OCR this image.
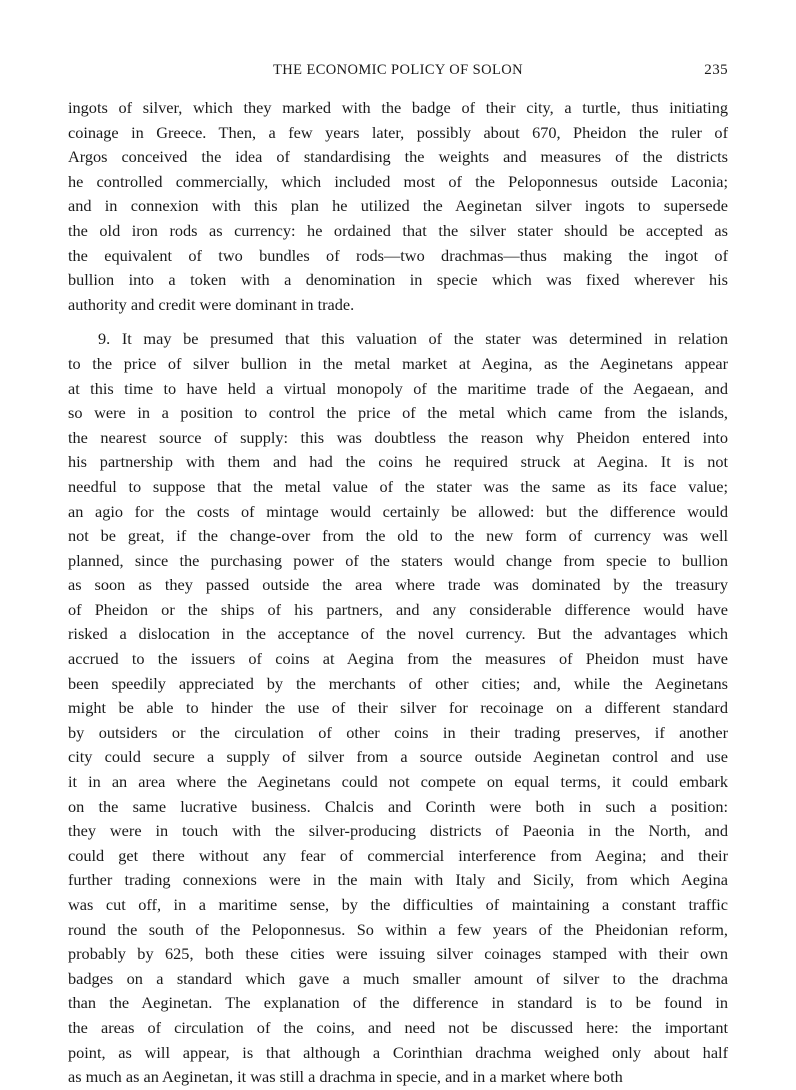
THE ECONOMIC POLICY OF SOLON	235
ingots of silver, which they marked with the badge of their city, a turtle, thus initiating
coinage in Greece. Then, a few years later, possibly about 670, Pheidon the ruler of
Argos conceived the idea of standardising the weights and measures of the districts
he controlled commercially, which included most of the Peloponnesus outside Laconia;
and in connexion with this plan he utilized the Aeginetan silver ingots to supersede
the old iron rods as currency: he ordained that the silver stater should be accepted as
the equivalent of two bundles of rods—two drachmas—thus making the ingot of
bullion into a token with a denomination in specie which was fixed wherever his
authority and credit were dominant in trade.
9. It may be presumed that this valuation of the stater was determined in relation
to the price of silver bullion in the metal market at Aegina, as the Aeginetans appear
at this time to have held a virtual monopoly of the maritime trade of the Aegaean, and
so were in a position to control the price of the metal which came from the islands,
the nearest source of supply: this was doubtless the reason why Pheidon entered into
his partnership with them and had the coins he required struck at Aegina. It is not
needful to suppose that the metal value of the stater was the same as its face value;
an agio for the costs of mintage would certainly be allowed: but the difference would
not be great, if the change-over from the old to the new form of currency was well
planned, since the purchasing power of the staters would change from specie to bullion
as soon as they passed outside the area where trade was dominated by the treasury
of Pheidon or the ships of his partners, and any considerable difference would have
risked a dislocation in the acceptance of the novel currency. But the advantages which
accrued to the issuers of coins at Aegina from the measures of Pheidon must have
been speedily appreciated by the merchants of other cities; and, while the Aeginetans
might be able to hinder the use of their silver for recoinage on a different standard
by outsiders or the circulation of other coins in their trading preserves, if another
city could secure a supply of silver from a source outside Aeginetan control and use
it in an area where the Aeginetans could not compete on equal terms, it could embark
on the same lucrative business. Chalcis and Corinth were both in such a position:
they were in touch with the silver-producing districts of Paeonia in the North, and
could get there without any fear of commercial interference from Aegina; and their
further trading connexions were in the main with Italy and Sicily, from which Aegina
was cut off, in a maritime sense, by the difficulties of maintaining a constant traffic
round the south of the Peloponnesus. So within a few years of the Pheidonian reform,
probably by 625, both these cities were issuing silver coinages stamped with their own
badges on a standard which gave a much smaller amount of silver to the drachma
than the Aeginetan. The explanation of the difference in standard is to be found in
the areas of circulation of the coins, and need not be discussed here: the important
point, as will appear, is that although a Corinthian drachma weighed only about half
as much as an Aeginetan, it was still a drachma in specie, and in a market where both
